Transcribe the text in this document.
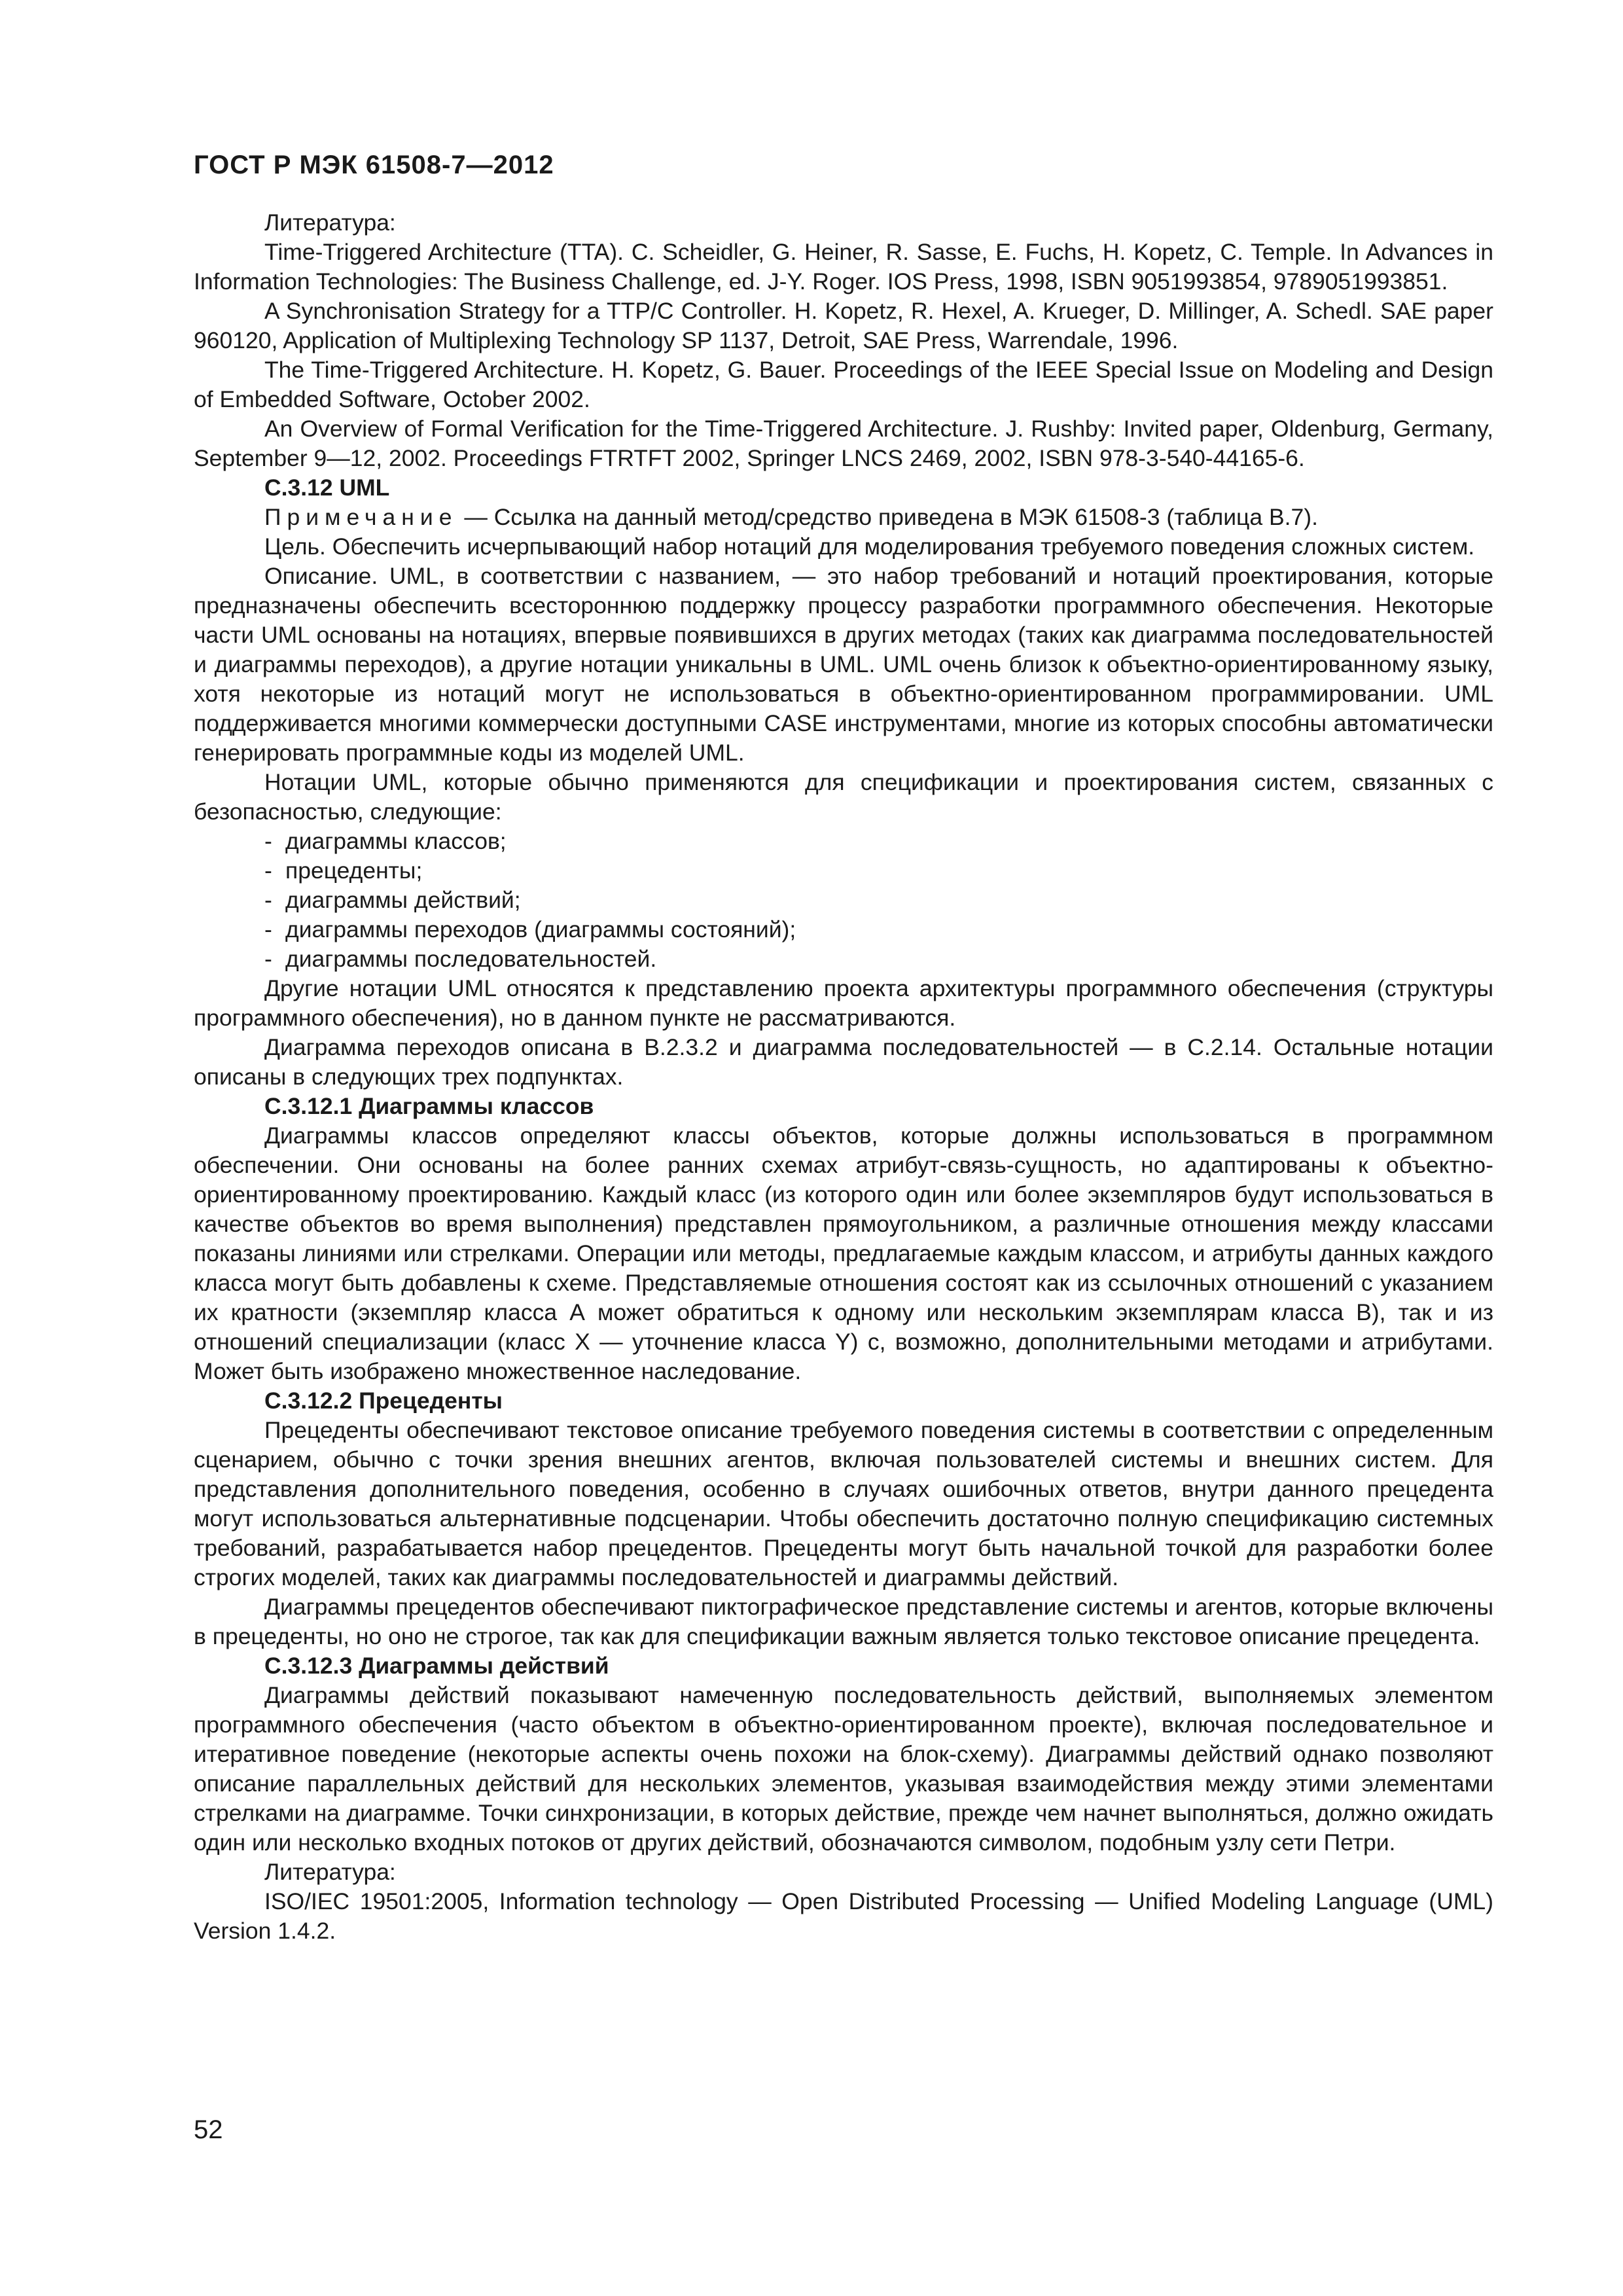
ГОСТ Р МЭК 61508-7—2012

Литература:

Time-Triggered Architecture (TTA). C. Scheidler, G. Heiner, R. Sasse, E. Fuchs, H. Kopetz, C. Temple. In Advances in Information Technologies: The Business Challenge, ed. J-Y. Roger. IOS Press, 1998, ISBN 9051993854, 9789051993851.

A Synchronisation Strategy for a TTP/C Controller. H. Kopetz, R. Hexel, A. Krueger, D. Millinger, A. Schedl. SAE paper 960120, Application of Multiplexing Technology SP 1137, Detroit, SAE Press, Warrendale, 1996.

The Time-Triggered Architecture. H. Kopetz, G. Bauer. Proceedings of the IEEE Special Issue on Modeling and Design of Embedded Software, October 2002.

An Overview of Formal Verification for the Time-Triggered Architecture. J. Rushby: Invited paper, Oldenburg, Germany, September 9—12, 2002. Proceedings FTRTFT 2002, Springer LNCS 2469, 2002, ISBN 978-3-540-44165-6.

C.3.12 UML

Примечание — Ссылка на данный метод/средство приведена в МЭК 61508-3 (таблица В.7).

Цель. Обеспечить исчерпывающий набор нотаций для моделирования требуемого поведения сложных систем.

Описание. UML, в соответствии с названием, — это набор требований и нотаций проектирования, которые предназначены обеспечить всестороннюю поддержку процессу разработки программного обеспечения. Некоторые части UML основаны на нотациях, впервые появившихся в других методах (таких как диаграмма последовательностей и диаграммы переходов), а другие нотации уникальны в UML. UML очень близок к объектно-ориентированному языку, хотя некоторые из нотаций могут не использоваться в объектно-ориентированном программировании. UML поддерживается многими коммерчески доступными CASE инструментами, многие из которых способны автоматически генерировать программные коды из моделей UML.

Нотации UML, которые обычно применяются для спецификации и проектирования систем, связанных с безопасностью, следующие:

- диаграммы классов;
- прецеденты;
- диаграммы действий;
- диаграммы переходов (диаграммы состояний);
- диаграммы последовательностей.

Другие нотации UML относятся к представлению проекта архитектуры программного обеспечения (структуры программного обеспечения), но в данном пункте не рассматриваются.

Диаграмма переходов описана в В.2.3.2 и диаграмма последовательностей — в С.2.14. Остальные нотации описаны в следующих трех подпунктах.

C.3.12.1 Диаграммы классов

Диаграммы классов определяют классы объектов, которые должны использоваться в программном обеспечении. Они основаны на более ранних схемах атрибут-связь-сущность, но адаптированы к объектно-ориентированному проектированию. Каждый класс (из которого один или более экземпляров будут использоваться в качестве объектов во время выполнения) представлен прямоугольником, а различные отношения между классами показаны линиями или стрелками. Операции или методы, предлагаемые каждым классом, и атрибуты данных каждого класса могут быть добавлены к схеме. Представляемые отношения состоят как из ссылочных отношений с указанием их кратности (экземпляр класса А может обратиться к одному или нескольким экземплярам класса В), так и из отношений специализации (класс X — уточнение класса Y) с, возможно, дополнительными методами и атрибутами. Может быть изображено множественное наследование.

C.3.12.2 Прецеденты

Прецеденты обеспечивают текстовое описание требуемого поведения системы в соответствии с определенным сценарием, обычно с точки зрения внешних агентов, включая пользователей системы и внешних систем. Для представления дополнительного поведения, особенно в случаях ошибочных ответов, внутри данного прецедента могут использоваться альтернативные подсценарии. Чтобы обеспечить достаточно полную спецификацию системных требований, разрабатывается набор прецедентов. Прецеденты могут быть начальной точкой для разработки более строгих моделей, таких как диаграммы последовательностей и диаграммы действий.

Диаграммы прецедентов обеспечивают пиктографическое представление системы и агентов, которые включены в прецеденты, но оно не строгое, так как для спецификации важным является только текстовое описание прецедента.

C.3.12.3 Диаграммы действий

Диаграммы действий показывают намеченную последовательность действий, выполняемых элементом программного обеспечения (часто объектом в объектно-ориентированном проекте), включая последовательное и итеративное поведение (некоторые аспекты очень похожи на блок-схему). Диаграммы действий однако позволяют описание параллельных действий для нескольких элементов, указывая взаимодействия между этими элементами стрелками на диаграмме. Точки синхронизации, в которых действие, прежде чем начнет выполняться, должно ожидать один или несколько входных потоков от других действий, обозначаются символом, подобным узлу сети Петри.

Литература:

ISO/IEC 19501:2005, Information technology — Open Distributed Processing — Unified Modeling Language (UML) Version 1.4.2.

52
